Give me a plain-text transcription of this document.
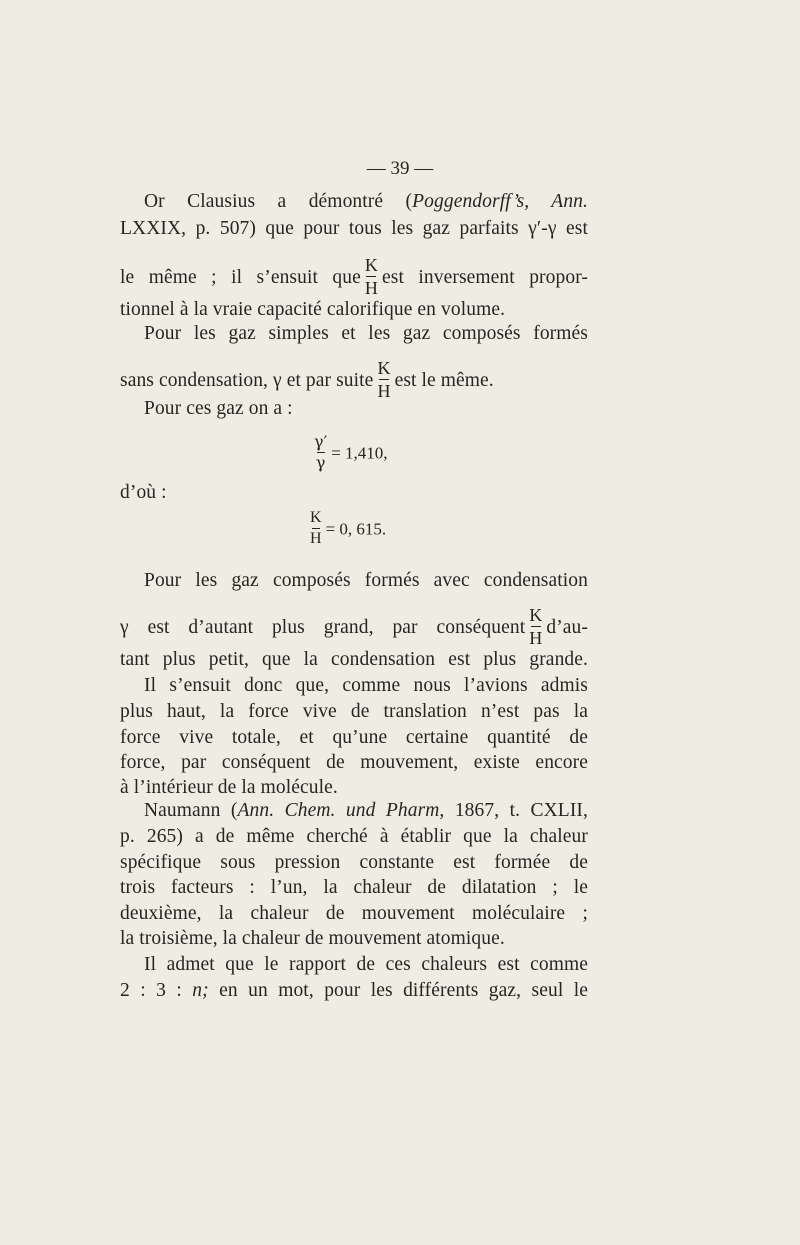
— 39 —
Or Clausius a démontré (Poggendorff’s, Ann.
LXXIX, p. 507) que pour tous les gaz parfaits γ′-γ est
le même ; il s’ensuit que $\frac{K}{H}$ est inversement propor-
tionnel à la vraie capacité calorifique en volume.
Pour les gaz simples et les gaz composés formés
sans condensation, γ et par suite $\frac{K}{H}$ est le même.
Pour ces gaz on a :
$\frac{\gamma'}{\gamma} = 1,410$,
d’où :
$\frac{K}{H} = 0$, 615.
Pour les gaz composés formés avec condensation
γ est d’autant plus grand, par conséquent $\frac{K}{H}$ d’au-
tant plus petit, que la condensation est plus grande.
Il s’ensuit donc que, comme nous l’avions admis
plus haut, la force vive de translation n’est pas la
force vive totale, et qu’une certaine quantité de
force, par conséquent de mouvement, existe encore
à l’intérieur de la molécule.
Naumann (Ann. Chem. und Pharm, 1867, t. CXLII,
p. 265) a de même cherché à établir que la chaleur
spécifique sous pression constante est formée de
trois facteurs : l’un, la chaleur de dilatation ; le
deuxième, la chaleur de mouvement moléculaire ;
la troisième, la chaleur de mouvement atomique.
Il admet que le rapport de ces chaleurs est comme
2 : 3 : n; en un mot, pour les différents gaz, seul le
